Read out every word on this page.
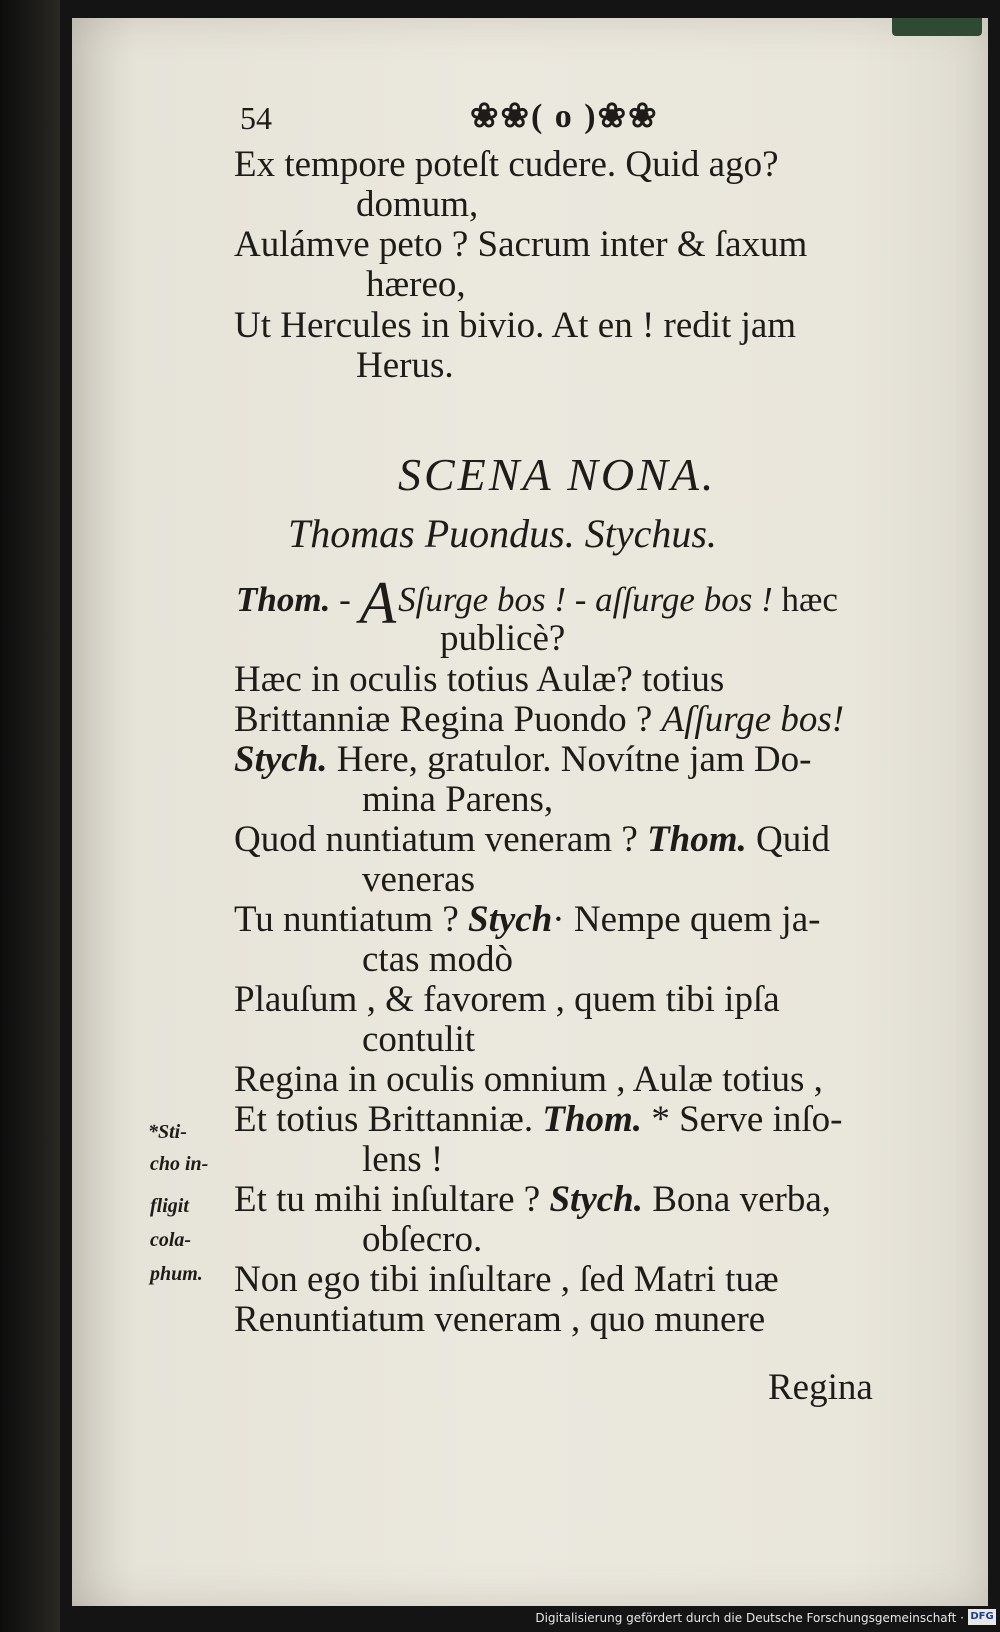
54	❀❀( o )❀❀
Ex tempore poteſt cudere. Quid ago?
domum,
Aulámve peto ? Sacrum inter & ſaxum
hæreo,
Ut Hercules in bivio. At en ! redit jam
Herus.
SCENA NONA.
Thomas Puondus. Stychus.
Thom. - ASſurge bos ! - aſſurge bos ! hæc
publicè?
Hæc in oculis totius Aulæ? totius
Brittanniæ Regina Puondo ? Aſſurge bos!
Stych. Here, gratulor. Novítne jam Do-
mina Parens,
Quod nuntiatum veneram ? Thom. Quid
veneras
Tu nuntiatum ? Stych· Nempe quem ja-
ctas modò
Plauſum , & favorem , quem tibi ipſa
contulit
Regina in oculis omnium , Aulæ totius ,
Et totius Brittanniæ. Thom. * Serve inſo-
lens !
Et tu mihi inſultare ? Stych. Bona verba,
obſecro.
Non ego tibi inſultare , ſed Matri tuæ
Renuntiatum veneram , quo munere
Regina
*Sti-
cho in-
fligit
cola-
phum.
Digitalisierung gefördert durch die Deutsche Forschungsgemeinschaft · DFG
